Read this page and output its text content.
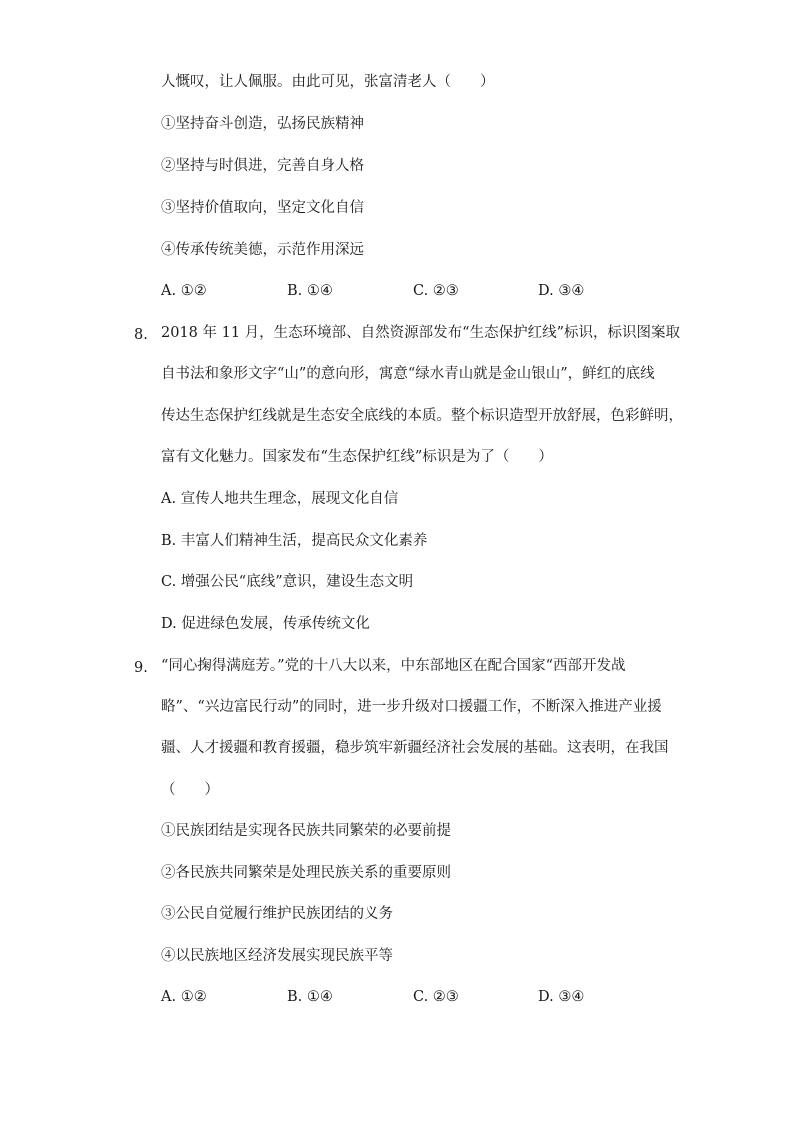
人慨叹，让人佩服。由此可见，张富清老人（　　）
①坚持奋斗创造，弘扬民族精神
②坚持与时俱进，完善自身人格
③坚持价值取向，坚定文化自信
④传承传统美德，示范作用深远
A. ①②	B. ①④	C. ②③	D. ③④
8. 2018 年 11 月，生态环境部、自然资源部发布“生态保护红线”标识，标识图案取
自书法和象形文字“山”的意向形，寓意“绿水青山就是金山银山”，鲜红的底线
传达生态保护红线就是生态安全底线的本质。整个标识造型开放舒展，色彩鲜明，
富有文化魅力。国家发布“生态保护红线”标识是为了（　　）
A. 宣传人地共生理念，展现文化自信
B. 丰富人们精神生活，提高民众文化素养
C. 增强公民“底线”意识，建设生态文明
D. 促进绿色发展，传承传统文化
9. “同心掬得满庭芳。”党的十八大以来，中东部地区在配合国家“西部开发战
略”、“兴边富民行动”的同时，进一步升级对口援疆工作，不断深入推进产业援
疆、人才援疆和教育援疆，稳步筑牢新疆经济社会发展的基础。这表明，在我国
（　　）
①民族团结是实现各民族共同繁荣的必要前提
②各民族共同繁荣是处理民族关系的重要原则
③公民自觉履行维护民族团结的义务
④以民族地区经济发展实现民族平等
A. ①②	B. ①④	C. ②③	D. ③④
